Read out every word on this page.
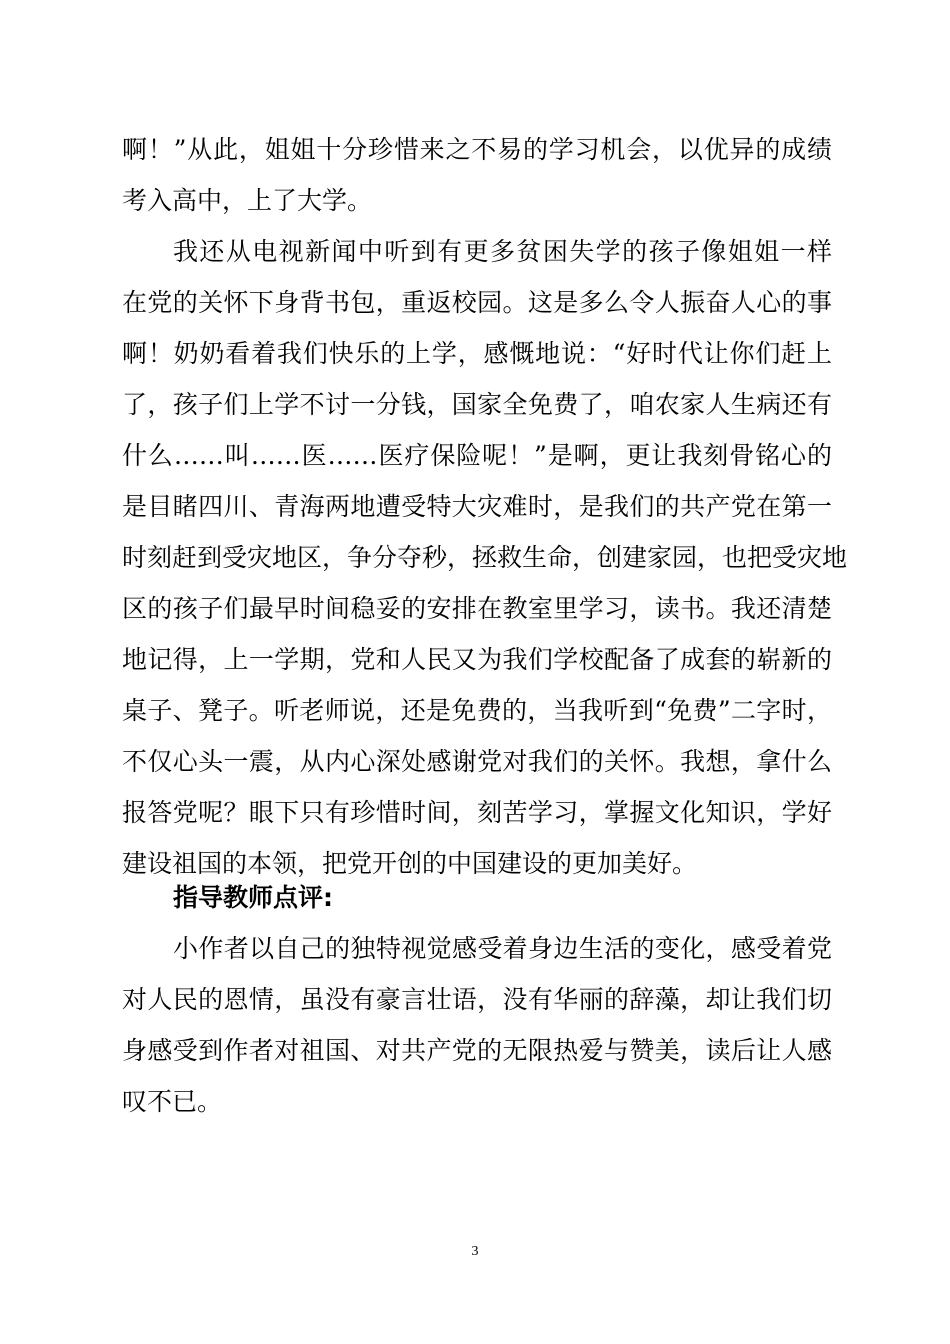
啊！”从此，姐姐十分珍惜来之不易的学习机会，以优异的成绩
考入高中，上了大学。
我还从电视新闻中听到有更多贫困失学的孩子像姐姐一样
在党的关怀下身背书包，重返校园。这是多么令人振奋人心的事
啊！奶奶看着我们快乐的上学，感慨地说：“好时代让你们赶上
了，孩子们上学不讨一分钱，国家全免费了，咱农家人生病还有
什么……叫……医……医疗保险呢！”是啊，更让我刻骨铭心的
是目睹四川、青海两地遭受特大灾难时，是我们的共产党在第一
时刻赶到受灾地区，争分夺秒，拯救生命，创建家园，也把受灾地
区的孩子们最早时间稳妥的安排在教室里学习，读书。我还清楚
地记得，上一学期，党和人民又为我们学校配备了成套的崭新的
桌子、凳子。听老师说，还是免费的，当我听到“免费”二字时，
不仅心头一震，从内心深处感谢党对我们的关怀。我想，拿什么
报答党呢？眼下只有珍惜时间，刻苦学习，掌握文化知识，学好
建设祖国的本领，把党开创的中国建设的更加美好。
指导教师点评:
小作者以自己的独特视觉感受着身边生活的变化，感受着党
对人民的恩情，虽没有豪言壮语，没有华丽的辞藻，却让我们切
身感受到作者对祖国、对共产党的无限热爱与赞美，读后让人感
叹不已。
3
